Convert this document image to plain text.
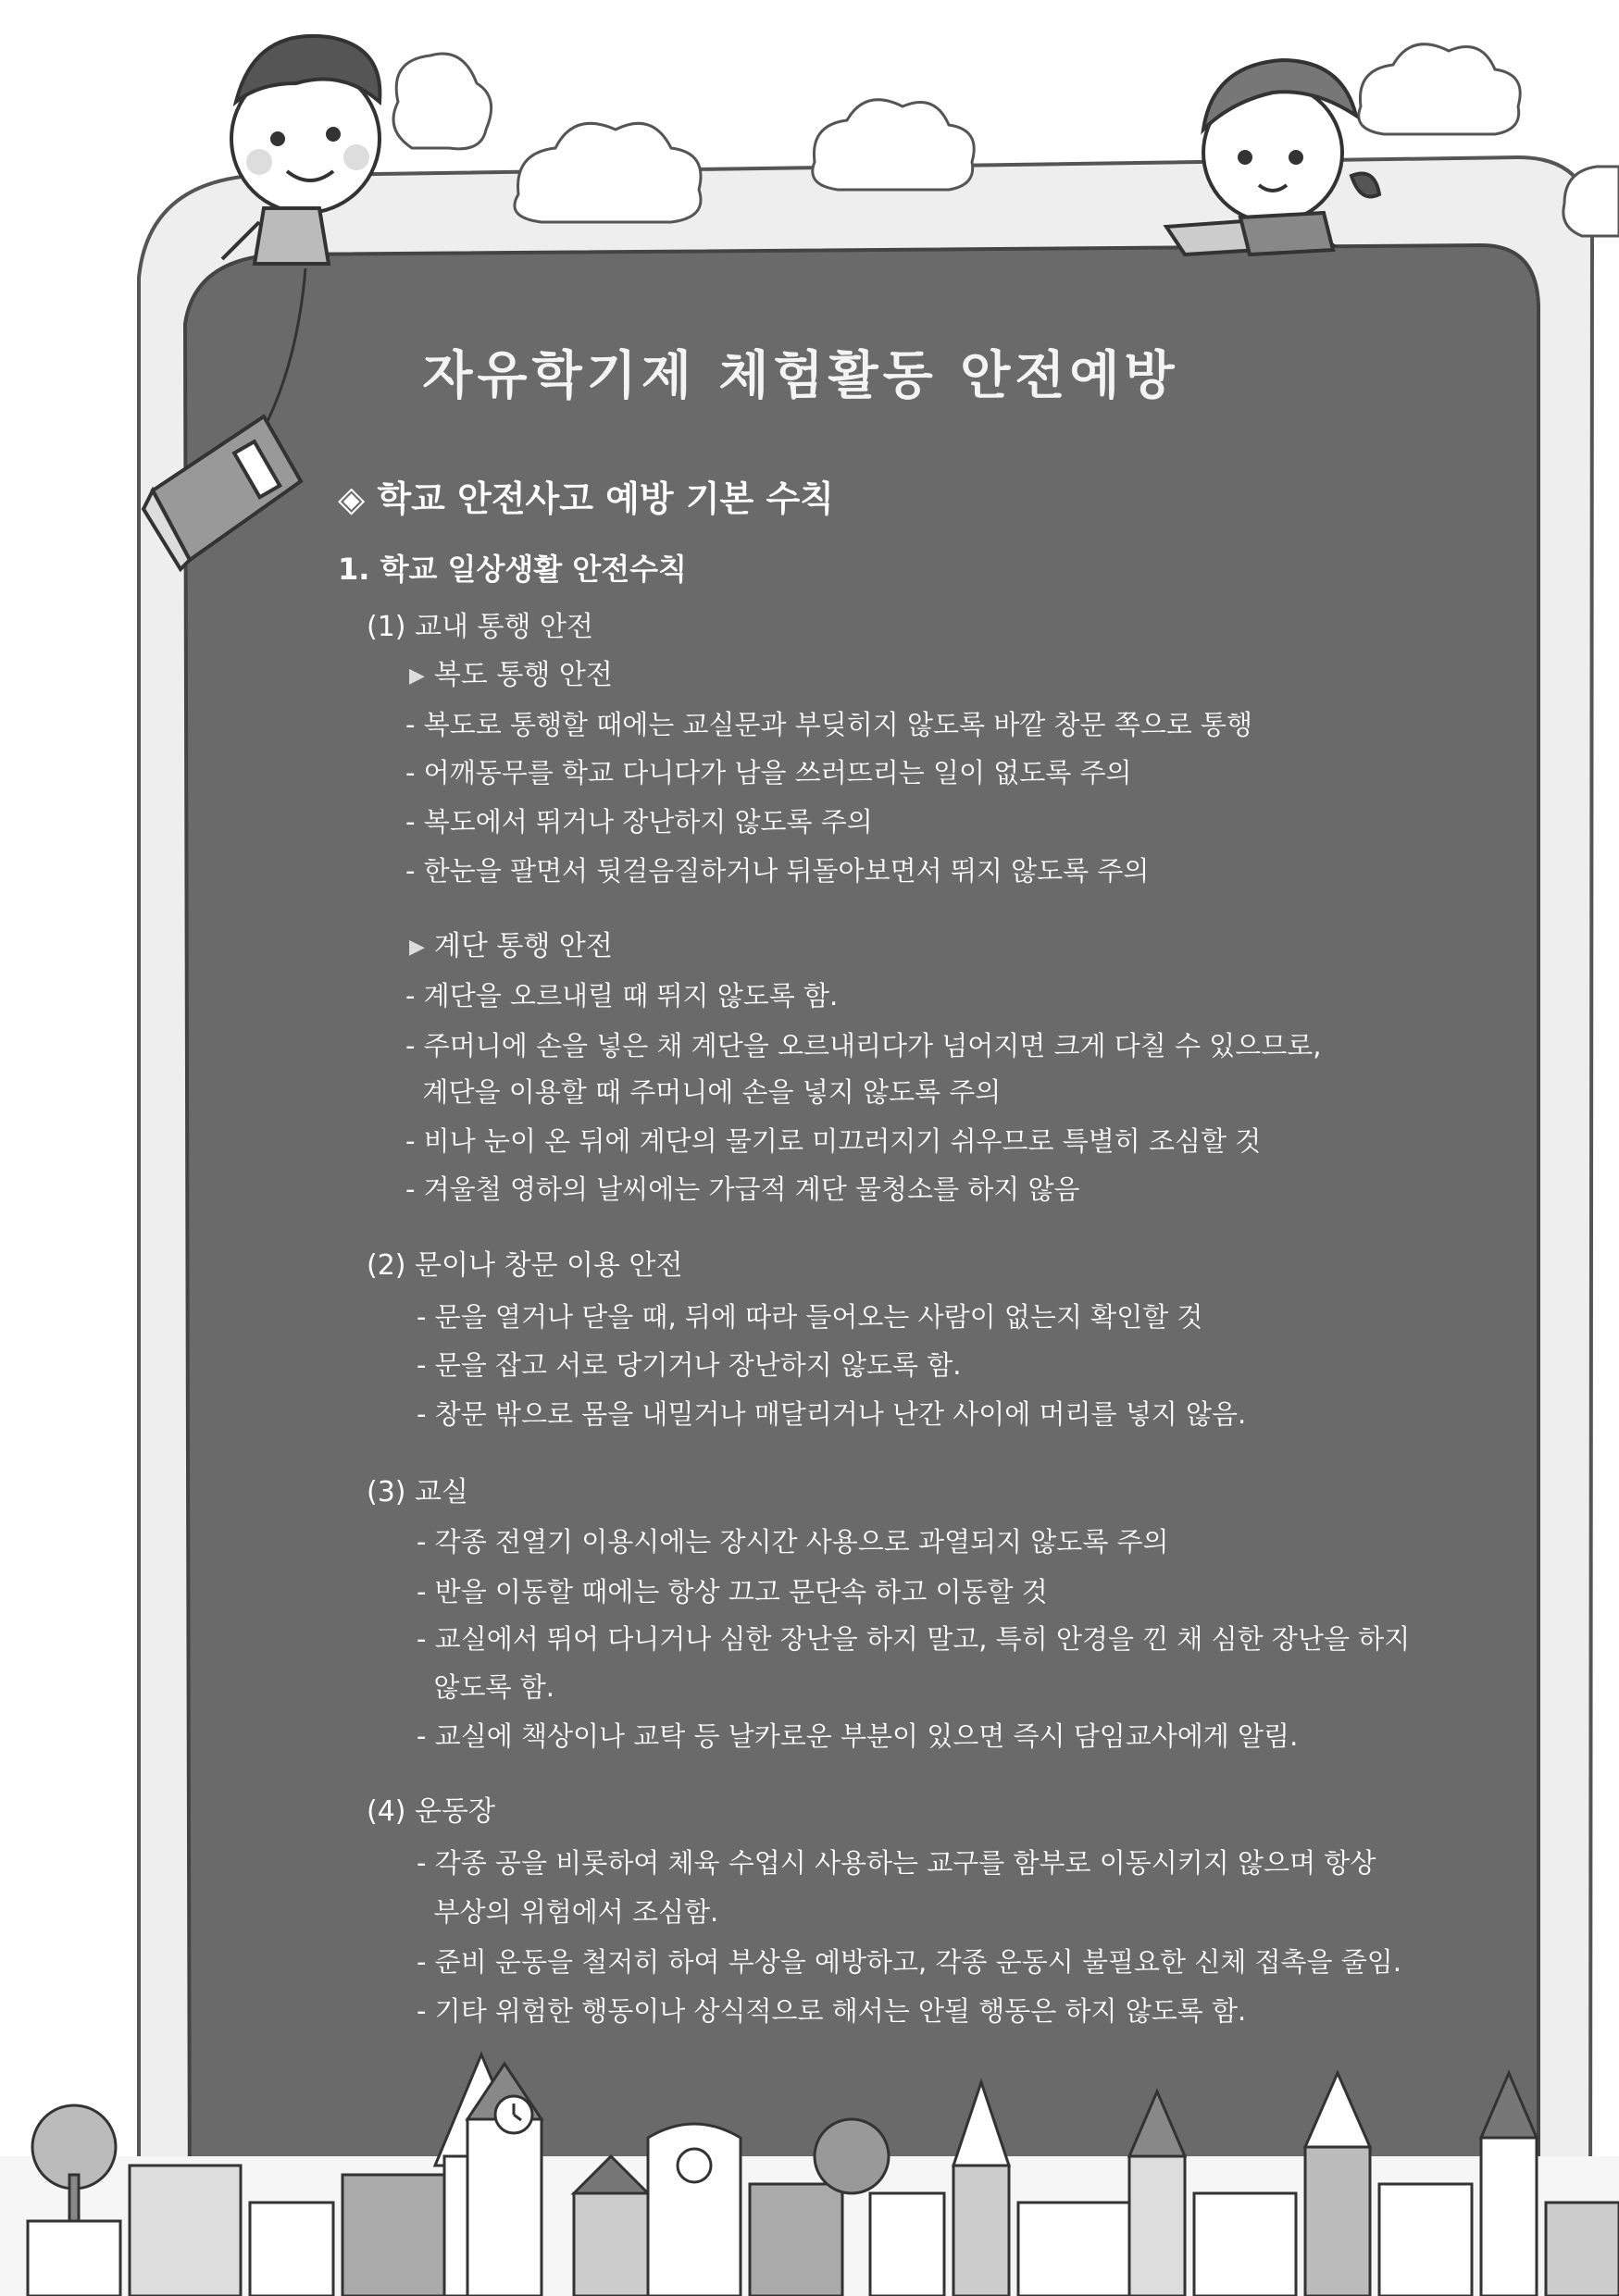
자유학기제 체험활동 안전예방
◈ 학교 안전사고 예방 기본 수칙
1. 학교 일상생활 안전수칙
(1) 교내 통행 안전
▶ 복도 통행 안전
- 복도로 통행할 때에는 교실문과 부딪히지 않도록 바깥 창문 쪽으로 통행
- 어깨동무를 학교 다니다가 남을 쓰러뜨리는 일이 없도록 주의
- 복도에서 뛰거나 장난하지 않도록 주의
- 한눈을 팔면서 뒷걸음질하거나 뒤돌아보면서 뛰지 않도록 주의
▶ 계단 통행 안전
- 계단을 오르내릴 때 뛰지 않도록 함.
- 주머니에 손을 넣은 채 계단을 오르내리다가 넘어지면 크게 다칠 수 있으므로,
계단을 이용할 때 주머니에 손을 넣지 않도록 주의
- 비나 눈이 온 뒤에 계단의 물기로 미끄러지기 쉬우므로 특별히 조심할 것
- 겨울철 영하의 날씨에는 가급적 계단 물청소를 하지 않음
(2) 문이나 창문 이용 안전
- 문을 열거나 닫을 때, 뒤에 따라 들어오는 사람이 없는지 확인할 것
- 문을 잡고 서로 당기거나 장난하지 않도록 함.
- 창문 밖으로 몸을 내밀거나 매달리거나 난간 사이에 머리를 넣지 않음.
(3) 교실
- 각종 전열기 이용시에는 장시간 사용으로 과열되지 않도록 주의
- 반을 이동할 때에는 항상 끄고 문단속 하고 이동할 것
- 교실에서 뛰어 다니거나 심한 장난을 하지 말고, 특히 안경을 낀 채 심한 장난을 하지
않도록 함.
- 교실에 책상이나 교탁 등 날카로운 부분이 있으면 즉시 담임교사에게 알림.
(4) 운동장
- 각종 공을 비롯하여 체육 수업시 사용하는 교구를 함부로 이동시키지 않으며 항상
부상의 위험에서 조심함.
- 준비 운동을 철저히 하여 부상을 예방하고, 각종 운동시 불필요한 신체 접촉을 줄임.
- 기타 위험한 행동이나 상식적으로 해서는 안될 행동은 하지 않도록 함.
